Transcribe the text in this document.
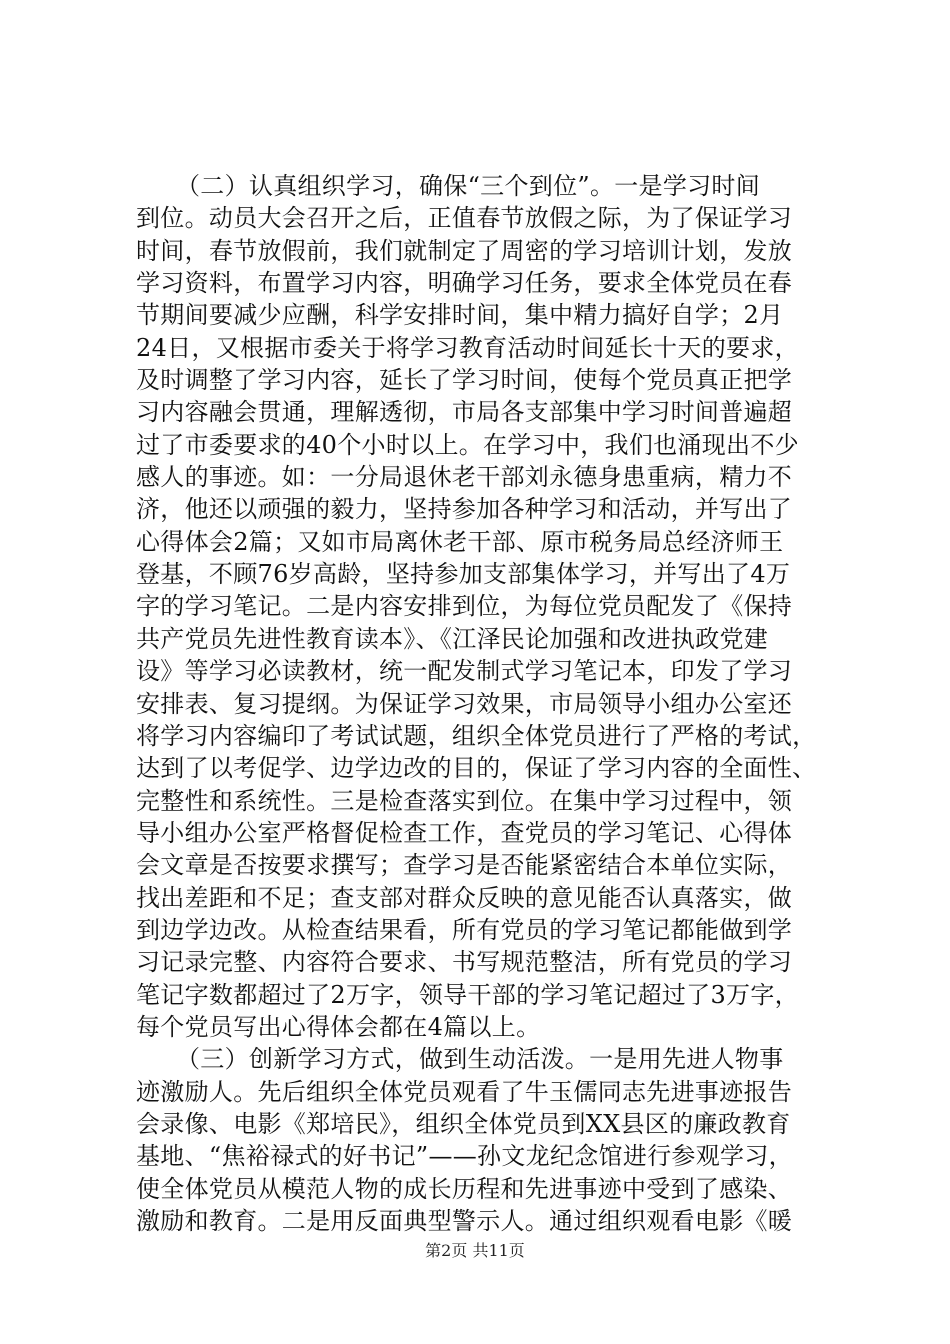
（二）认真组织学习，确保“三个到位”。一是学习时间
到位。动员大会召开之后，正值春节放假之际，为了保证学习
时间，春节放假前，我们就制定了周密的学习培训计划，发放
学习资料，布置学习内容，明确学习任务，要求全体党员在春
节期间要减少应酬，科学安排时间，集中精力搞好自学；2月
24日，又根据市委关于将学习教育活动时间延长十天的要求，
及时调整了学习内容，延长了学习时间，使每个党员真正把学
习内容融会贯通，理解透彻，市局各支部集中学习时间普遍超
过了市委要求的40个小时以上。在学习中，我们也涌现出不少
感人的事迹。如：一分局退休老干部刘永德身患重病，精力不
济，他还以顽强的毅力，坚持参加各种学习和活动，并写出了
心得体会2篇；又如市局离休老干部、原市税务局总经济师王
登基，不顾76岁高龄，坚持参加支部集体学习，并写出了4万
字的学习笔记。二是内容安排到位，为每位党员配发了《保持
共产党员先进性教育读本》、《江泽民论加强和改进执政党建
设》等学习必读教材，统一配发制式学习笔记本，印发了学习
安排表、复习提纲。为保证学习效果，市局领导小组办公室还
将学习内容编印了考试试题，组织全体党员进行了严格的考试，
达到了以考促学、边学边改的目的，保证了学习内容的全面性、
完整性和系统性。三是检查落实到位。在集中学习过程中，领
导小组办公室严格督促检查工作，查党员的学习笔记、心得体
会文章是否按要求撰写；查学习是否能紧密结合本单位实际，
找出差距和不足；查支部对群众反映的意见能否认真落实，做
到边学边改。从检查结果看，所有党员的学习笔记都能做到学
习记录完整、内容符合要求、书写规范整洁，所有党员的学习
笔记字数都超过了2万字，领导干部的学习笔记超过了3万字，
每个党员写出心得体会都在4篇以上。
（三）创新学习方式，做到生动活泼。一是用先进人物事
迹激励人。先后组织全体党员观看了牛玉儒同志先进事迹报告
会录像、电影《郑培民》，组织全体党员到XX县区的廉政教育
基地、“焦裕禄式的好书记”——孙文龙纪念馆进行参观学习，
使全体党员从模范人物的成长历程和先进事迹中受到了感染、
激励和教育。二是用反面典型警示人。通过组织观看电影《暖
第2页 共11页
